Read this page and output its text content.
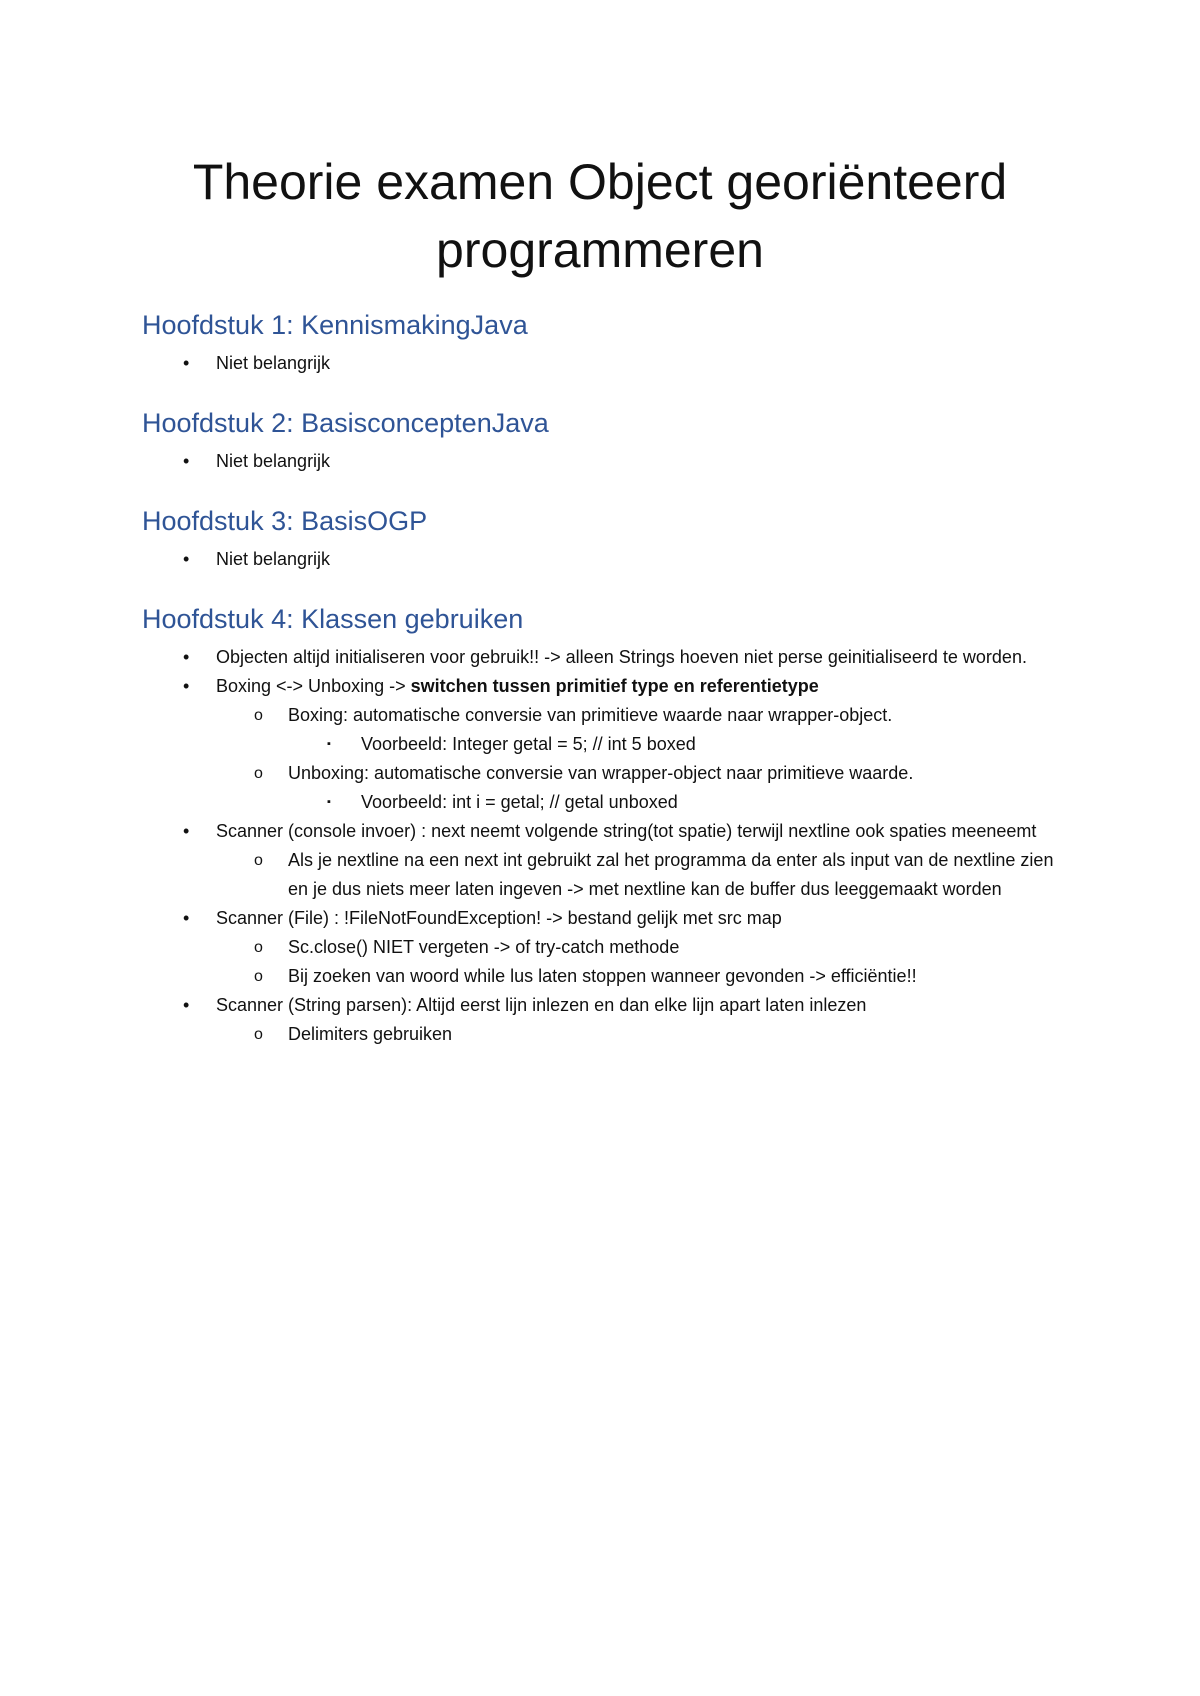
Theorie examen Object georiënteerd
programmeren
Hoofdstuk 1: KennismakingJava
• Niet belangrijk
Hoofdstuk 2: BasisconceptenJava
• Niet belangrijk
Hoofdstuk 3: BasisOGP
• Niet belangrijk
Hoofdstuk 4: Klassen gebruiken
• Objecten altijd initialiseren voor gebruik!! -> alleen Strings hoeven niet perse geinitialiseerd te worden.
• Boxing <-> Unboxing -> switchen tussen primitief type en referentietype
o Boxing: automatische conversie van primitieve waarde naar wrapper-object.
▪ Voorbeeld: Integer getal = 5; // int 5 boxed
o Unboxing: automatische conversie van wrapper-object naar primitieve waarde.
▪ Voorbeeld: int i = getal; // getal unboxed
• Scanner (console invoer) : next neemt volgende string(tot spatie) terwijl nextline ook spaties meeneemt
o Als je nextline na een next int gebruikt zal het programma da enter als input van de nextline zien en je dus niets meer laten ingeven -> met nextline kan de buffer dus leeggemaakt worden
• Scanner (File) : !FileNotFoundException! -> bestand gelijk met src map
o Sc.close() NIET vergeten -> of try-catch methode
o Bij zoeken van woord while lus laten stoppen wanneer gevonden -> efficiëntie!!
• Scanner (String parsen): Altijd eerst lijn inlezen en dan elke lijn apart laten inlezen
o Delimiters gebruiken
